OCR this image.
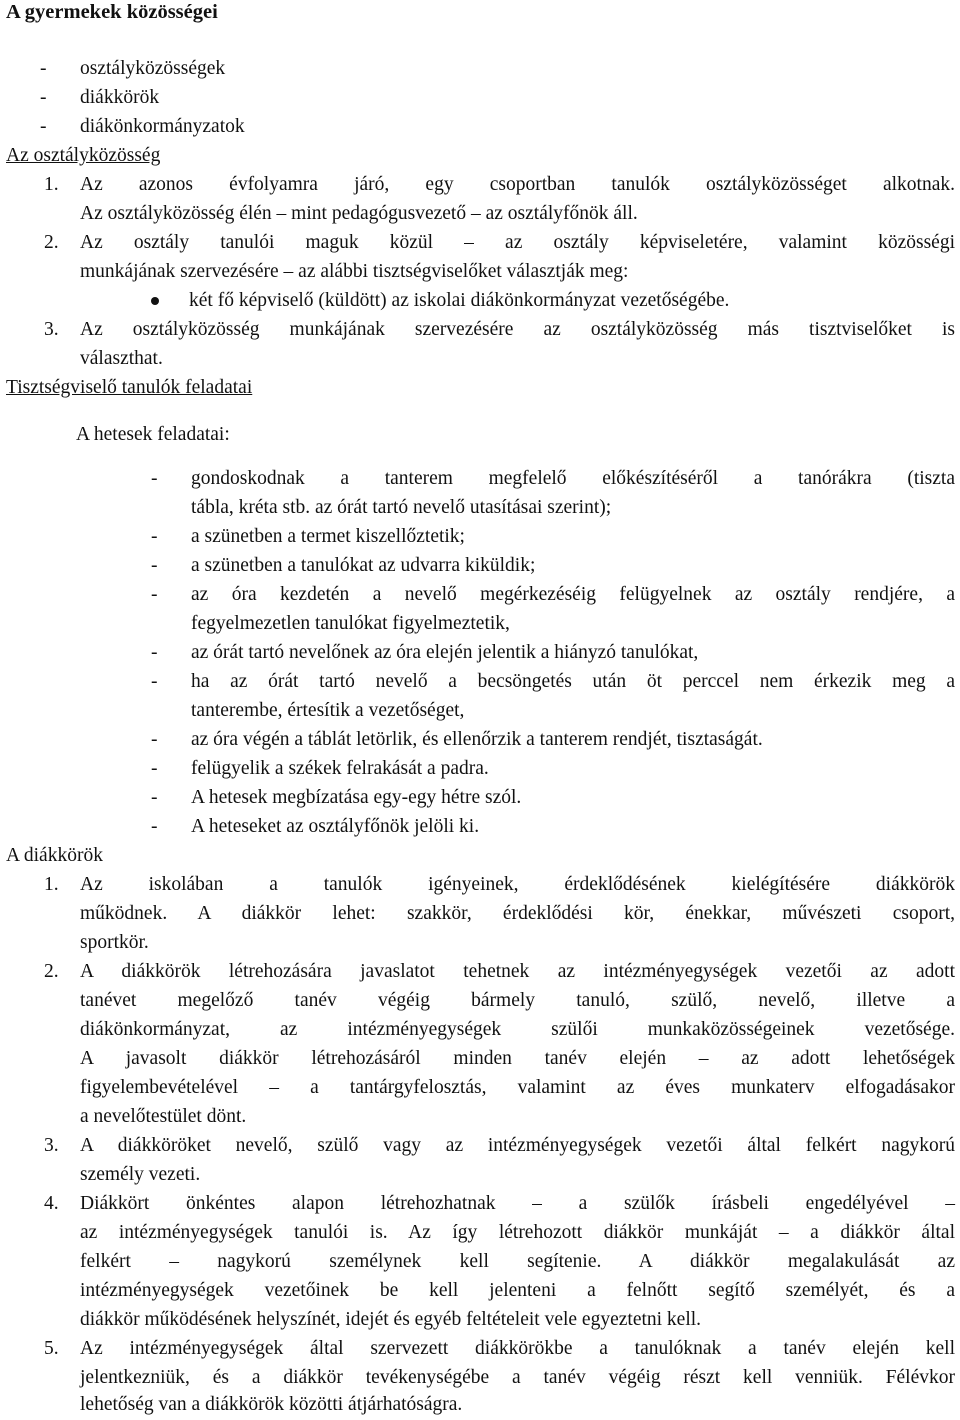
A gyermekek közösségei
- osztályközösségek
- diákkörök
- diákönkormányzatok
Az osztályközösség
1. Az azonos évfolyamra járó, egy csoportban tanulók osztályközösséget alkotnak.
Az osztályközösség élén – mint pedagógusvezető – az osztályfőnök áll.
2. Az osztály tanulói maguk közül – az osztály képviseletére, valamint közösségi
munkájának szervezésére – az alábbi tisztségviselőket választják meg:
két fő képviselő (küldött) az iskolai diákönkormányzat vezetőségébe.
3. Az osztályközösség munkájának szervezésére az osztályközösség más tisztviselőket is
választhat.
Tisztségviselő tanulók feladatai
A hetesek feladatai:
- gondoskodnak a tanterem megfelelő előkészítéséről a tanórákra (tiszta
tábla, kréta stb. az órát tartó nevelő utasításai szerint);
- a szünetben a termet kiszellőztetik;
- a szünetben a tanulókat az udvarra kiküldik;
- az óra kezdetén a nevelő megérkezéséig felügyelnek az osztály rendjére, a
fegyelmezetlen tanulókat figyelmeztetik,
- az órát tartó nevelőnek az óra elején jelentik a hiányzó tanulókat,
- ha az órát tartó nevelő a becsöngetés után öt perccel nem érkezik meg a
tanterembe, értesítik a vezetőséget,
- az óra végén a táblát letörlik, és ellenőrzik a tanterem rendjét, tisztaságát.
- felügyelik a székek felrakását a padra.
- A hetesek megbízatása egy-egy hétre szól.
- A heteseket az osztályfőnök jelöli ki.
A diákkörök
1. Az iskolában a tanulók igényeinek, érdeklődésének kielégítésére diákkörök
működnek. A diákkör lehet: szakkör, érdeklődési kör, énekkar, művészeti csoport,
sportkör.
2. A diákkörök létrehozására javaslatot tehetnek az intézményegységek vezetői az adott
tanévet megelőző tanév végéig bármely tanuló, szülő, nevelő, illetve a
diákönkormányzat, az intézményegységek szülői munkaközösségeinek vezetősége.
A javasolt diákkör létrehozásáról minden tanév elején – az adott lehetőségek
figyelembevételével – a tantárgyfelosztás, valamint az éves munkaterv elfogadásakor
a nevelőtestület dönt.
3. A diákköröket nevelő, szülő vagy az intézményegységek vezetői által felkért nagykorú
személy vezeti.
4. Diákkört önkéntes alapon létrehozhatnak – a szülők írásbeli engedélyével –
az intézményegységek tanulói is. Az így létrehozott diákkör munkáját – a diákkör által
felkért – nagykorú személynek kell segítenie. A diákkör megalakulását az
intézményegységek vezetőinek be kell jelenteni a felnőtt segítő személyét, és a
diákkör működésének helyszínét, idejét és egyéb feltételeit vele egyeztetni kell.
5. Az intézményegységek által szervezett diákkörökbe a tanulóknak a tanév elején kell
jelentkezniük, és a diákkör tevékenységébe a tanév végéig részt kell venniük. Félévkor
lehetőség van a diákkörök közötti átjárhatóságra.
